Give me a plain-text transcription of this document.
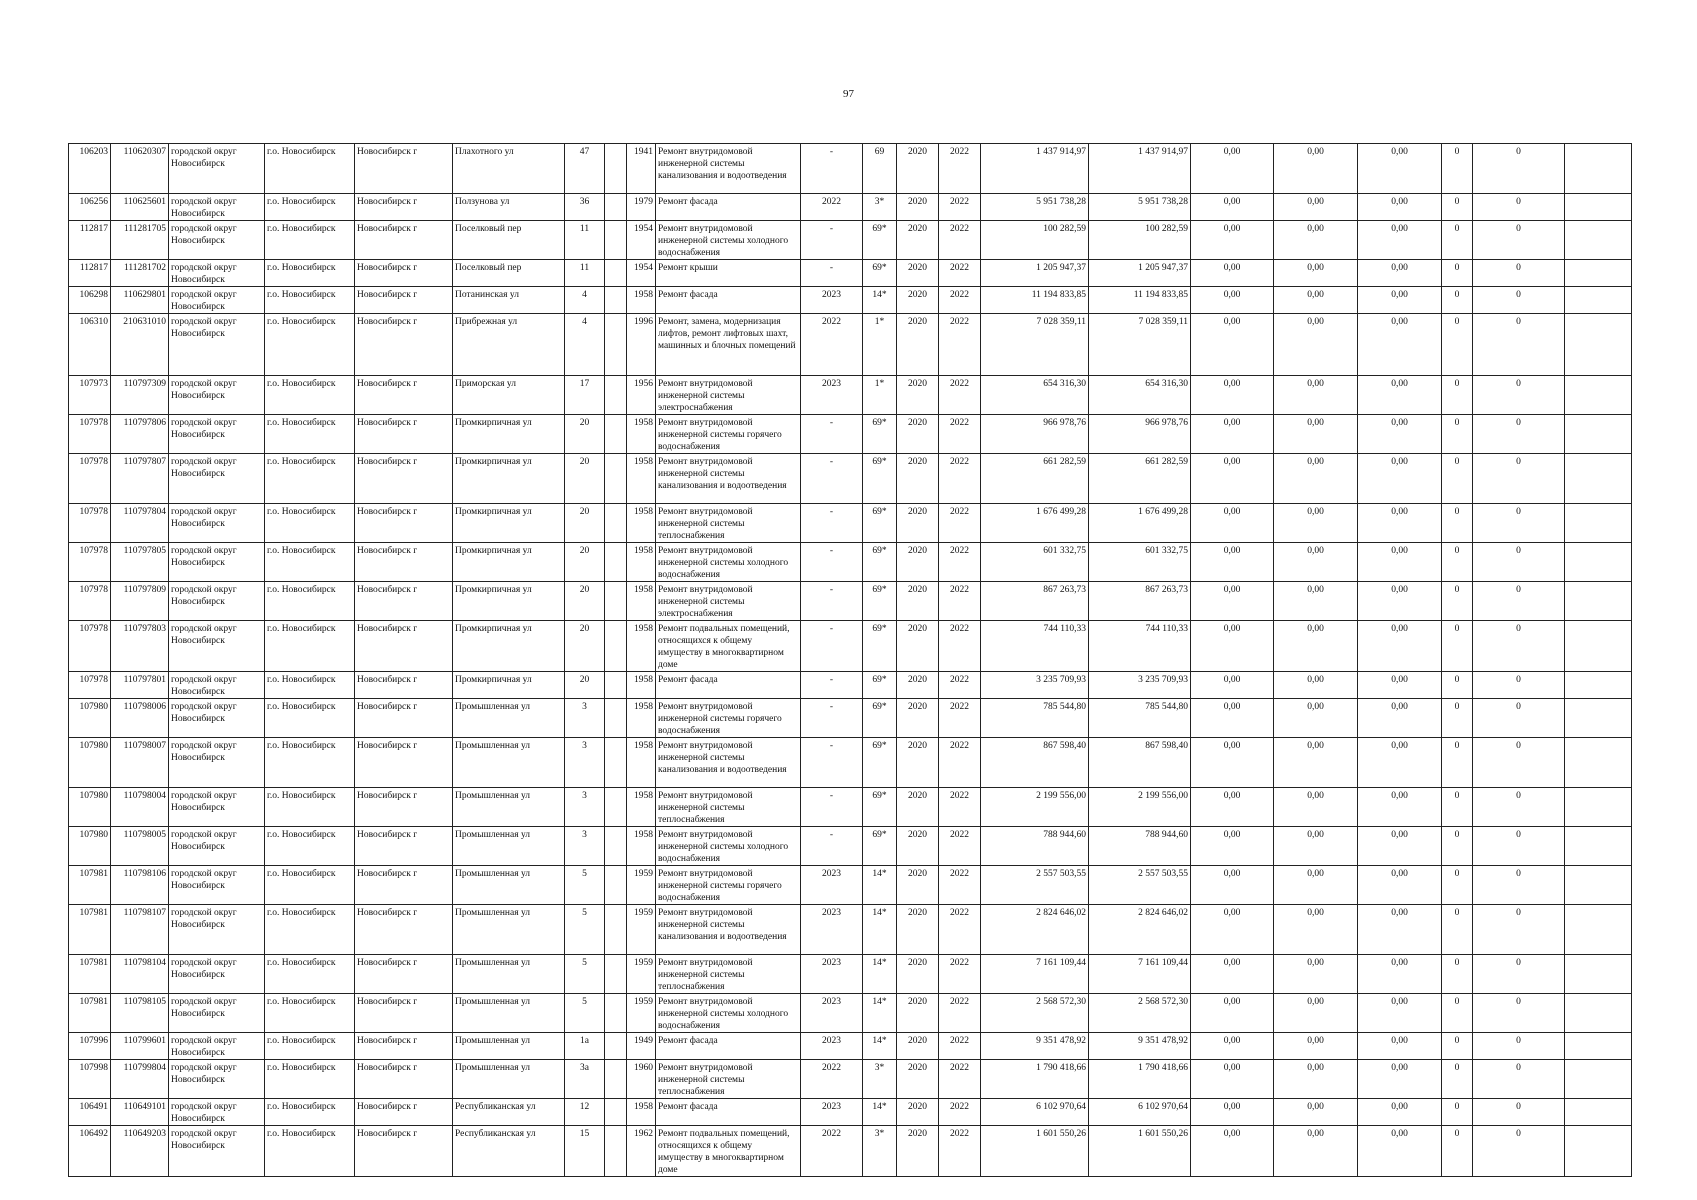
97
106203	110620307	городской округ Новосибирск	г.о. Новосибирск	Новосибирск г	Плахотного ул	47		1941	Ремонт внутридомовой инженерной системы канализования и водоотведения	-	69	2020	2022	1 437 914,97	1 437 914,97	0,00	0,00	0,00	0	0	
106256	110625601	городской округ Новосибирск	г.о. Новосибирск	Новосибирск г	Ползунова ул	36		1979	Ремонт фасада	2022	3*	2020	2022	5 951 738,28	5 951 738,28	0,00	0,00	0,00	0	0	
112817	111281705	городской округ Новосибирск	г.о. Новосибирск	Новосибирск г	Поселковый пер	11		1954	Ремонт внутридомовой инженерной системы холодного водоснабжения	-	69*	2020	2022	100 282,59	100 282,59	0,00	0,00	0,00	0	0	
112817	111281702	городской округ Новосибирск	г.о. Новосибирск	Новосибирск г	Поселковый пер	11		1954	Ремонт крыши	-	69*	2020	2022	1 205 947,37	1 205 947,37	0,00	0,00	0,00	0	0	
106298	110629801	городской округ Новосибирск	г.о. Новосибирск	Новосибирск г	Потанинская ул	4		1958	Ремонт фасада	2023	14*	2020	2022	11 194 833,85	11 194 833,85	0,00	0,00	0,00	0	0	
106310	210631010	городской округ Новосибирск	г.о. Новосибирск	Новосибирск г	Прибрежная ул	4		1996	Ремонт, замена, модернизация лифтов, ремонт лифтовых шахт, машинных и блочных помещений	2022	1*	2020	2022	7 028 359,11	7 028 359,11	0,00	0,00	0,00	0	0	
107973	110797309	городской округ Новосибирск	г.о. Новосибирск	Новосибирск г	Приморская ул	17		1956	Ремонт внутридомовой инженерной системы электроснабжения	2023	1*	2020	2022	654 316,30	654 316,30	0,00	0,00	0,00	0	0	
107978	110797806	городской округ Новосибирск	г.о. Новосибирск	Новосибирск г	Промкирпичная ул	20		1958	Ремонт внутридомовой инженерной системы горячего водоснабжения	-	69*	2020	2022	966 978,76	966 978,76	0,00	0,00	0,00	0	0	
107978	110797807	городской округ Новосибирск	г.о. Новосибирск	Новосибирск г	Промкирпичная ул	20		1958	Ремонт внутридомовой инженерной системы канализования и водоотведения	-	69*	2020	2022	661 282,59	661 282,59	0,00	0,00	0,00	0	0	
107978	110797804	городской округ Новосибирск	г.о. Новосибирск	Новосибирск г	Промкирпичная ул	20		1958	Ремонт внутридомовой инженерной системы теплоснабжения	-	69*	2020	2022	1 676 499,28	1 676 499,28	0,00	0,00	0,00	0	0	
107978	110797805	городской округ Новосибирск	г.о. Новосибирск	Новосибирск г	Промкирпичная ул	20		1958	Ремонт внутридомовой инженерной системы холодного водоснабжения	-	69*	2020	2022	601 332,75	601 332,75	0,00	0,00	0,00	0	0	
107978	110797809	городской округ Новосибирск	г.о. Новосибирск	Новосибирск г	Промкирпичная ул	20		1958	Ремонт внутридомовой инженерной системы электроснабжения	-	69*	2020	2022	867 263,73	867 263,73	0,00	0,00	0,00	0	0	
107978	110797803	городской округ Новосибирск	г.о. Новосибирск	Новосибирск г	Промкирпичная ул	20		1958	Ремонт подвальных помещений, относящихся к общему имуществу в многоквартирном доме	-	69*	2020	2022	744 110,33	744 110,33	0,00	0,00	0,00	0	0	
107978	110797801	городской округ Новосибирск	г.о. Новосибирск	Новосибирск г	Промкирпичная ул	20		1958	Ремонт фасада	-	69*	2020	2022	3 235 709,93	3 235 709,93	0,00	0,00	0,00	0	0	
107980	110798006	городской округ Новосибирск	г.о. Новосибирск	Новосибирск г	Промышленная ул	3		1958	Ремонт внутридомовой инженерной системы горячего водоснабжения	-	69*	2020	2022	785 544,80	785 544,80	0,00	0,00	0,00	0	0	
107980	110798007	городской округ Новосибирск	г.о. Новосибирск	Новосибирск г	Промышленная ул	3		1958	Ремонт внутридомовой инженерной системы канализования и водоотведения	-	69*	2020	2022	867 598,40	867 598,40	0,00	0,00	0,00	0	0	
107980	110798004	городской округ Новосибирск	г.о. Новосибирск	Новосибирск г	Промышленная ул	3		1958	Ремонт внутридомовой инженерной системы теплоснабжения	-	69*	2020	2022	2 199 556,00	2 199 556,00	0,00	0,00	0,00	0	0	
107980	110798005	городской округ Новосибирск	г.о. Новосибирск	Новосибирск г	Промышленная ул	3		1958	Ремонт внутридомовой инженерной системы холодного водоснабжения	-	69*	2020	2022	788 944,60	788 944,60	0,00	0,00	0,00	0	0	
107981	110798106	городской округ Новосибирск	г.о. Новосибирск	Новосибирск г	Промышленная ул	5		1959	Ремонт внутридомовой инженерной системы горячего водоснабжения	2023	14*	2020	2022	2 557 503,55	2 557 503,55	0,00	0,00	0,00	0	0	
107981	110798107	городской округ Новосибирск	г.о. Новосибирск	Новосибирск г	Промышленная ул	5		1959	Ремонт внутридомовой инженерной системы канализования и водоотведения	2023	14*	2020	2022	2 824 646,02	2 824 646,02	0,00	0,00	0,00	0	0	
107981	110798104	городской округ Новосибирск	г.о. Новосибирск	Новосибирск г	Промышленная ул	5		1959	Ремонт внутридомовой инженерной системы теплоснабжения	2023	14*	2020	2022	7 161 109,44	7 161 109,44	0,00	0,00	0,00	0	0	
107981	110798105	городской округ Новосибирск	г.о. Новосибирск	Новосибирск г	Промышленная ул	5		1959	Ремонт внутридомовой инженерной системы холодного водоснабжения	2023	14*	2020	2022	2 568 572,30	2 568 572,30	0,00	0,00	0,00	0	0	
107996	110799601	городской округ Новосибирск	г.о. Новосибирск	Новосибирск г	Промышленная ул	1а		1949	Ремонт фасада	2023	14*	2020	2022	9 351 478,92	9 351 478,92	0,00	0,00	0,00	0	0	
107998	110799804	городской округ Новосибирск	г.о. Новосибирск	Новосибирск г	Промышленная ул	3а		1960	Ремонт внутридомовой инженерной системы теплоснабжения	2022	3*	2020	2022	1 790 418,66	1 790 418,66	0,00	0,00	0,00	0	0	
106491	110649101	городской округ Новосибирск	г.о. Новосибирск	Новосибирск г	Республиканская ул	12		1958	Ремонт фасада	2023	14*	2020	2022	6 102 970,64	6 102 970,64	0,00	0,00	0,00	0	0	
106492	110649203	городской округ Новосибирск	г.о. Новосибирск	Новосибирск г	Республиканская ул	15		1962	Ремонт подвальных помещений, относящихся к общему имуществу в многоквартирном доме	2022	3*	2020	2022	1 601 550,26	1 601 550,26	0,00	0,00	0,00	0	0	
